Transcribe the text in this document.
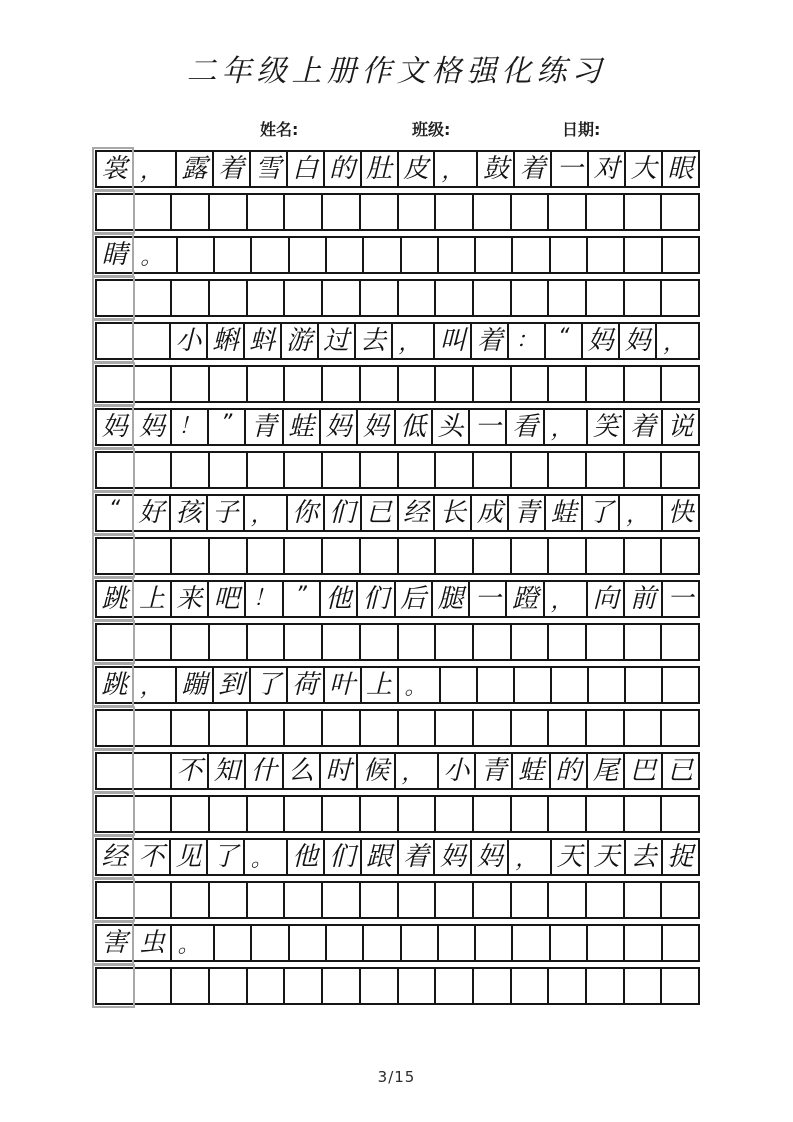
二年级上册作文格强化练习
姓名:	班级:	日期:
裳 ， 露 着 雪 白 的 肚 皮 ， 鼓 着 一 对 大 眼
睛 。
小 蝌 蚪 游 过 去 ， 叫 着 ： “ 妈 妈 ，
妈 妈 ！ ” 青 蛙 妈 妈 低 头 一 看 ， 笑 着 说
“ 好 孩 子 ， 你 们 已 经 长 成 青 蛙 了 ， 快
跳 上 来 吧 ！ ” 他 们 后 腿 一 蹬 ， 向 前 一
跳 ， 蹦 到 了 荷 叶 上 。
不 知 什 么 时 候 ， 小 青 蛙 的 尾 巴 已
经 不 见 了 。 他 们 跟 着 妈 妈 ， 天 天 去 捉
害 虫 。
3/15
